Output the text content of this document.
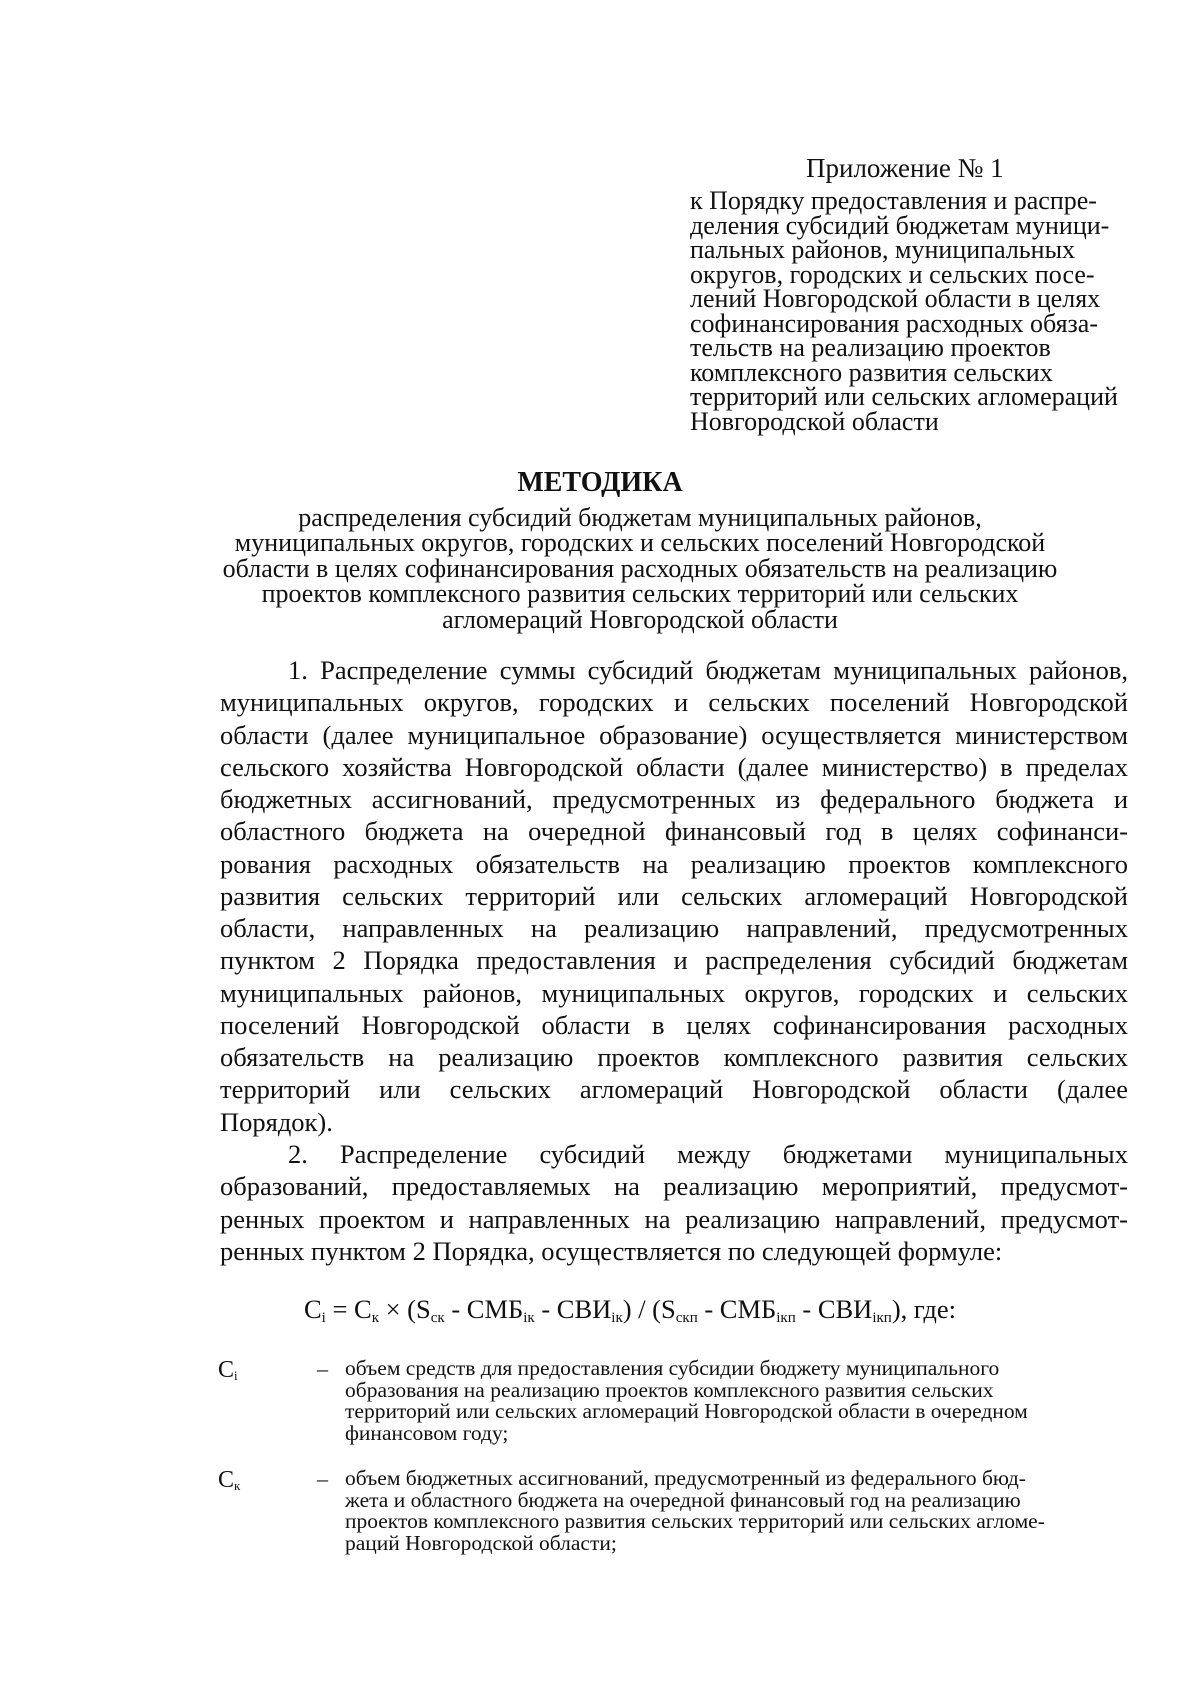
Приложение № 1
к Порядку предоставления и распре-
деления субсидий бюджетам муници-
пальных районов, муниципальных
округов, городских и сельских посе-
лений Новгородской области в целях
софинансирования расходных обяза-
тельств на реализацию проектов
комплексного развития сельских
территорий или сельских агломераций
Новгородской области
МЕТОДИКА
распределения субсидий бюджетам муниципальных районов,
муниципальных округов, городских и сельских поселений Новгородской
области в целях софинансирования расходных обязательств на реализацию
проектов комплексного развития сельских территорий или сельских
агломераций Новгородской области
1. Распределение суммы субсидий бюджетам муниципальных районов,
муниципальных округов, городских и сельских поселений Новгородской
области (далее муниципальное образование) осуществляется министерством
сельского хозяйства Новгородской области (далее министерство) в пределах
бюджетных ассигнований, предусмотренных из федерального бюджета и
областного бюджета на очередной финансовый год в целях софинанси-
рования расходных обязательств на реализацию проектов комплексного
развития сельских территорий или сельских агломераций Новгородской
области, направленных на реализацию направлений, предусмотренных
пунктом 2 Порядка предоставления и распределения субсидий бюджетам
муниципальных районов, муниципальных округов, городских и сельских
поселений Новгородской области в целях софинансирования расходных
обязательств на реализацию проектов комплексного развития сельских
территорий или сельских агломераций Новгородской области (далее
Порядок).
2. Распределение субсидий между бюджетами муниципальных
образований, предоставляемых на реализацию мероприятий, предусмот-
ренных проектом и направленных на реализацию направлений, предусмот-
ренных пунктом 2 Порядка, осуществляется по следующей формуле:
$C_i = C_к \times (S_{ск} - СМБ_{iк} - СВИ_{iк}) / (S_{скп} - СМБ_{iкп} - СВИ_{iкп})$, где:
$C_i$	– объем средств для предоставления субсидии бюджету муниципального
образования на реализацию проектов комплексного развития сельских
территорий или сельских агломераций Новгородской области в очередном
финансовом году;
$C_к$	– объем бюджетных ассигнований, предусмотренный из федерального бюд-
жета и областного бюджета на очередной финансовый год на реализацию
проектов комплексного развития сельских территорий или сельских агломе-
раций Новгородской области;
